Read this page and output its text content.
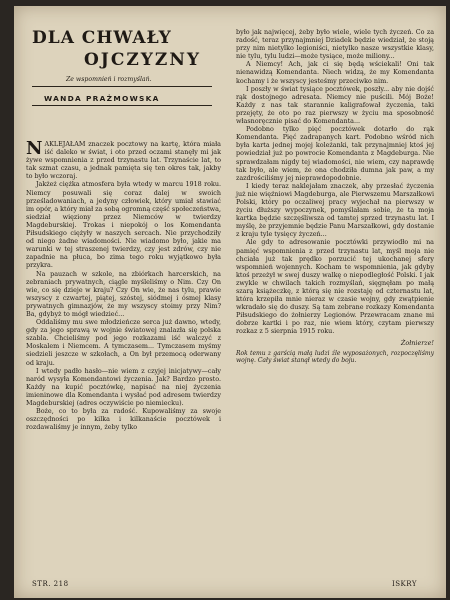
DLA CHWAŁY
OJCZYZNY
Ze wspomnień i rozmyślań.
WANDA PRAŻMOWSKA

NAKLEJAŁAM znaczek pocztowy na kartę, która miała iść daleko w świat, i oto przed oczami stanęły mi jak żywe wspomnienia z przed trzynastu lat. Trzynaście lat, to tak szmat czasu, a jednak pamięta się ten okres tak, jakby to było wczoraj.

Jakżeż ciężka atmosfera była wtedy w marcu 1918 roku. Niemcy posuwali się coraz dalej w swoich prześladowaniach, a jedyny człowiek, który umiał stawiać im opór, a który miał za sobą ogromną część społeczeństwa, siedział więziony przez Niemców w twierdzy Magdeburskiej. Trokas i niepokój o los Komendanta Piłsudskiego ciężyły w naszych sercach. Nie przychodziły od niego żadne wiadomości. Nie wiadomo było, jakie ma warunki w tej straszenej twierdzy, czy jest zdrów, czy nie zapadnie na płuca, bo zima tego roku wyjątkowo była przykra.

Na pauzach w szkole, na zbiórkach harcerskich, na zebraniach prywatnych, ciągle myśleliśmy o Nim. Czy On wie, co się dzieje w kraju? Czy On wie, że nas tylu, prawie wszyscy z czwartej, piątej, szóstej, siódmej i ósmej klasy prywatnych gimnazjów, że my wszyscy stoimy przy Nim? Ba, gdybyż to mógł wiedzieć...

Oddaliśmy mu swe młodzieńcze serca już dawno, wtedy, gdy za jego sprawą w wojnie światowej znalazła się polska szabla. Chcieliśmy pod jego rozkazami iść walczyć z Moskalem i Niemcem. A tymczasem... Tymczasem myśmy siedzieli jeszcze w szkołach, a On był przemocą oderwany od kraju.

I wtedy padło hasło—nie wiem z czyjej inicjatywy—cały naród wysyła Komendantowi życzenia. Jak? Bardzo prosto. Każdy na kupić pocztówkę, napisać na niej życzenia imieninowe dla Komendanta i wysłać pod adresem twierdzy Magdeburskiej (adres oczywiście po niemiecku).

Boże, co to była za radość. Kupowaliśmy za swoje oszczędności po kilka i kilkanaście pocztówek i rozdawaliśmy je innym, żeby tylko

było jak najwięcej, żeby było wiele, wiele tych życzeń. Co za radość, teraz przynajmniej Dziadek będzie wiedział, że stoją przy nim nietylko legioniści, nietylko nasze wszystkie klasy, nie tylu, tylu ludzi—może tysiące, może miliony...

A Niemcy! Ach, jak ci się będą wściekali! Oni tak nienawidzą Komendanta. Niech widzą, że my Komendanta kochamy i że wszyscy jesteśmy przeciwko nim.

I poszły w świat tysiące pocztówek, poszły... aby nie dojść rąk dostojnego adresata. Niemcy nie puścili. Mój Boże! Każdy z nas tak starannie kaligrafował życzenia, taki przejęty, że oto po raz pierwszy w życiu ma sposobność własnoręcznie pisać do Komendanta...

Podobno tylko pięć pocztówek dotarło do rąk Komendanta. Pięć zadrapanych kart. Podobno wśród nich była karta jednej mojej koleżanki, tak przynajmniej ktoś jej powiedział już po powrocie Komendanta z Magdeburga. Nie sprawdzałam nigdy tej wiadomości, nie wiem, czy naprawdę tak było, ale wiem, że ona chodziła dumna jak paw, a my zazdrościliśmy jej nieprawdopodobnie.

I kiedy teraz naklejałam znaczek, aby przesłać życzenia już nie więźniowi Magdeburga, ale Pierwszemu Marszałkowi Polski, który po oczaliwej pracy wyjechał na pierwszy w życiu dłuższy wypoczynek, pomyślałam sobie, że ta moja kartka będzie szczęśliwsza od tamtej sprzed trzynastu lat. I myślę, że przyjemnie będzie Panu Marszałkowi, gdy dostanie z kraju tyle tysięcy życzeń...

Ale gdy to adresowanie pocztówki przywiodło mi na pamięć wspomnienia z przed trzynastu lat, myśl moja nie chciała już tak prędko porzucić tej ukochanej sfery wspomnień wojennych. Kocham te wspomnienia, jak gdyby ktoś przeżył w swej duszy walkę o niepodległość Polski. I jak zwykle w chwilach takich rozmyślań, sięgnęłam po małą szarą książeczkę, z którą się nie rozstaję od czternastu lat, która krzepiła mnie nieraz w czasie wojny, gdy zwątpienie wkradało się do duszy. Są tam zebrane rozkazy Komendanta Piłsudskiego do żołnierzy Legionów. Przewracam znane mi dobrze kartki i po raz, nie wiem który, czytam pierwszy rozkaz z 5 sierpnia 1915 roku.

Żołnierze!
Rok temu z garścią małą ludzi źle wyposażonych, rozpoczęliśmy wojnę. Cały świat stanął wtedy do boju.
STR. 218	ISKRY
